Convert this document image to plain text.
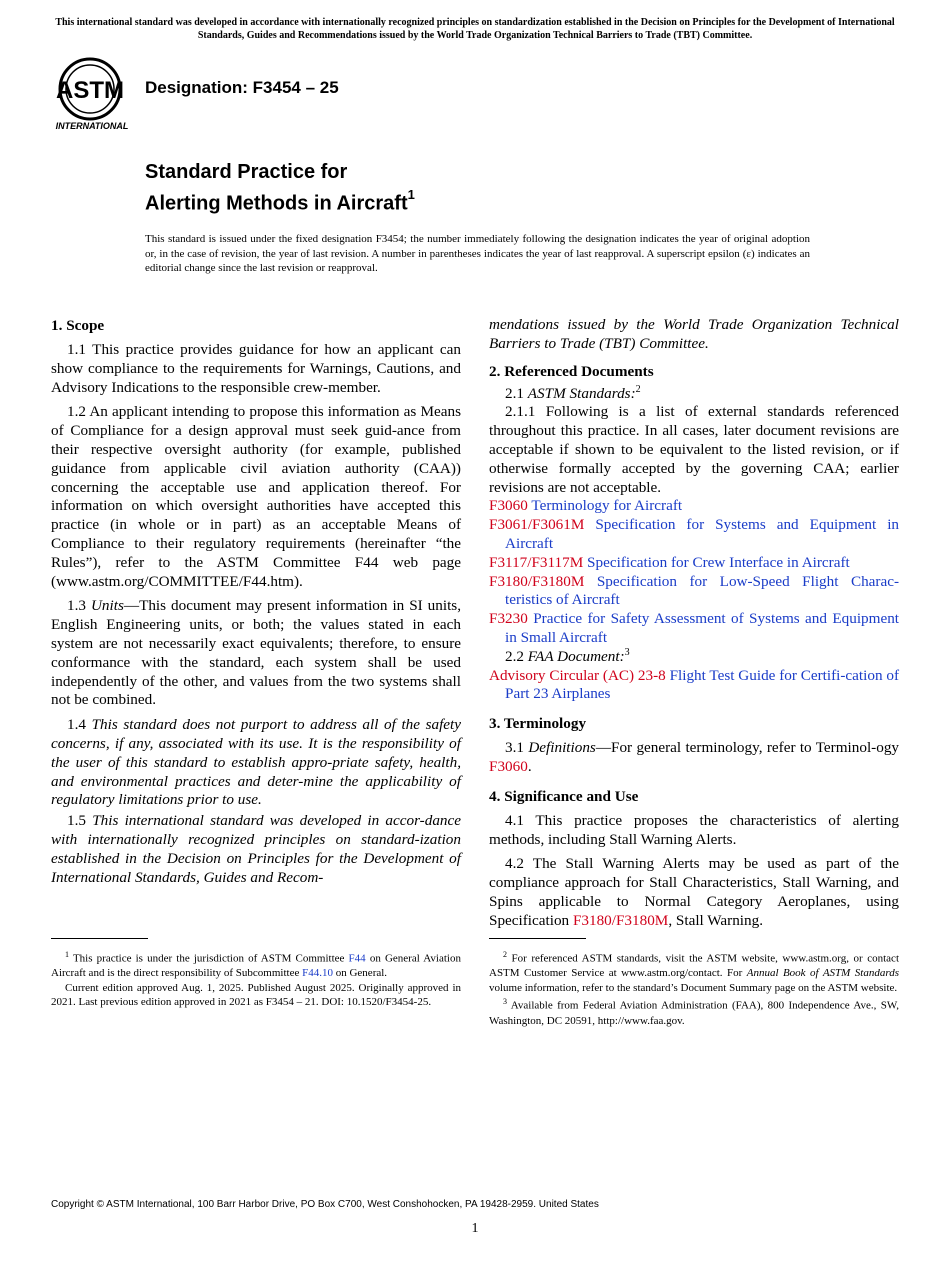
This international standard was developed in accordance with internationally recognized principles on standardization established in the Decision on Principles for the Development of International Standards, Guides and Recommendations issued by the World Trade Organization Technical Barriers to Trade (TBT) Committee.
ASTM
INTERNATIONAL
Designation: F3454 – 25
Standard Practice for
Alerting Methods in Aircraft$^1$
This standard is issued under the fixed designation F3454; the number immediately following the designation indicates the year of original adoption or, in the case of revision, the year of last revision. A number in parentheses indicates the year of last reapproval. A superscript epsilon (ε) indicates an editorial change since the last revision or reapproval.
1. Scope

1.1 This practice provides guidance for how an applicant can show compliance to the requirements for Warnings, Cautions, and Advisory Indications to the responsible crew-member.

1.2 An applicant intending to propose this information as Means of Compliance for a design approval must seek guid-ance from their respective oversight authority (for example, published guidance from applicable civil aviation authority (CAA)) concerning the acceptable use and application thereof. For information on which oversight authorities have accepted this practice (in whole or in part) as an acceptable Means of Compliance to their regulatory requirements (hereinafter “the Rules”), refer to the ASTM Committee F44 web page (www.astm.org/COMMITTEE/F44.htm).

1.3 Units—This document may present information in SI units, English Engineering units, or both; the values stated in each system are not necessarily exact equivalents; therefore, to ensure conformance with the standard, each system shall be used independently of the other, and values from the two systems shall not be combined.

1.4 This standard does not purport to address all of the safety concerns, if any, associated with its use. It is the responsibility of the user of this standard to establish appro-priate safety, health, and environmental practices and deter-mine the applicability of regulatory limitations prior to use.

1.5 This international standard was developed in accor-dance with internationally recognized principles on standard-ization established in the Decision on Principles for the Development of International Standards, Guides and Recom-

mendations issued by the World Trade Organization Technical Barriers to Trade (TBT) Committee.

2. Referenced Documents

2.1 ASTM Standards:$^2$

2.1.1 Following is a list of external standards referenced throughout this practice. In all cases, later document revisions are acceptable if shown to be equivalent to the listed revision, or if otherwise formally accepted by the governing CAA; earlier revisions are not acceptable.

F3060 Terminology for Aircraft

F3061/F3061M Specification for Systems and Equipment in Aircraft

F3117/F3117M Specification for Crew Interface in Aircraft

F3180/F3180M Specification for Low-Speed Flight Charac-teristics of Aircraft

F3230 Practice for Safety Assessment of Systems and Equipment in Small Aircraft

2.2 FAA Document:$^3$

Advisory Circular (AC) 23-8 Flight Test Guide for Certifi-cation of Part 23 Airplanes

3. Terminology

3.1 Definitions—For general terminology, refer to Terminol-ogy F3060.

4. Significance and Use

4.1 This practice proposes the characteristics of alerting methods, including Stall Warning Alerts.

4.2 The Stall Warning Alerts may be used as part of the compliance approach for Stall Characteristics, Stall Warning, and Spins applicable to Normal Category Aeroplanes, using Specification F3180/F3180M, Stall Warning.

$^1$ This practice is under the jurisdiction of ASTM Committee F44 on General Aviation Aircraft and is the direct responsibility of Subcommittee F44.10 on General.

Current edition approved Aug. 1, 2025. Published August 2025. Originally approved in 2021. Last previous edition approved in 2021 as F3454 – 21. DOI: 10.1520/F3454-25.

$^2$ For referenced ASTM standards, visit the ASTM website, www.astm.org, or contact ASTM Customer Service at www.astm.org/contact. For Annual Book of ASTM Standards volume information, refer to the standard’s Document Summary page on the ASTM website.

$^3$ Available from Federal Aviation Administration (FAA), 800 Independence Ave., SW, Washington, DC 20591, http://www.faa.gov.

Copyright © ASTM International, 100 Barr Harbor Drive, PO Box C700, West Conshohocken, PA 19428-2959. United States
1
